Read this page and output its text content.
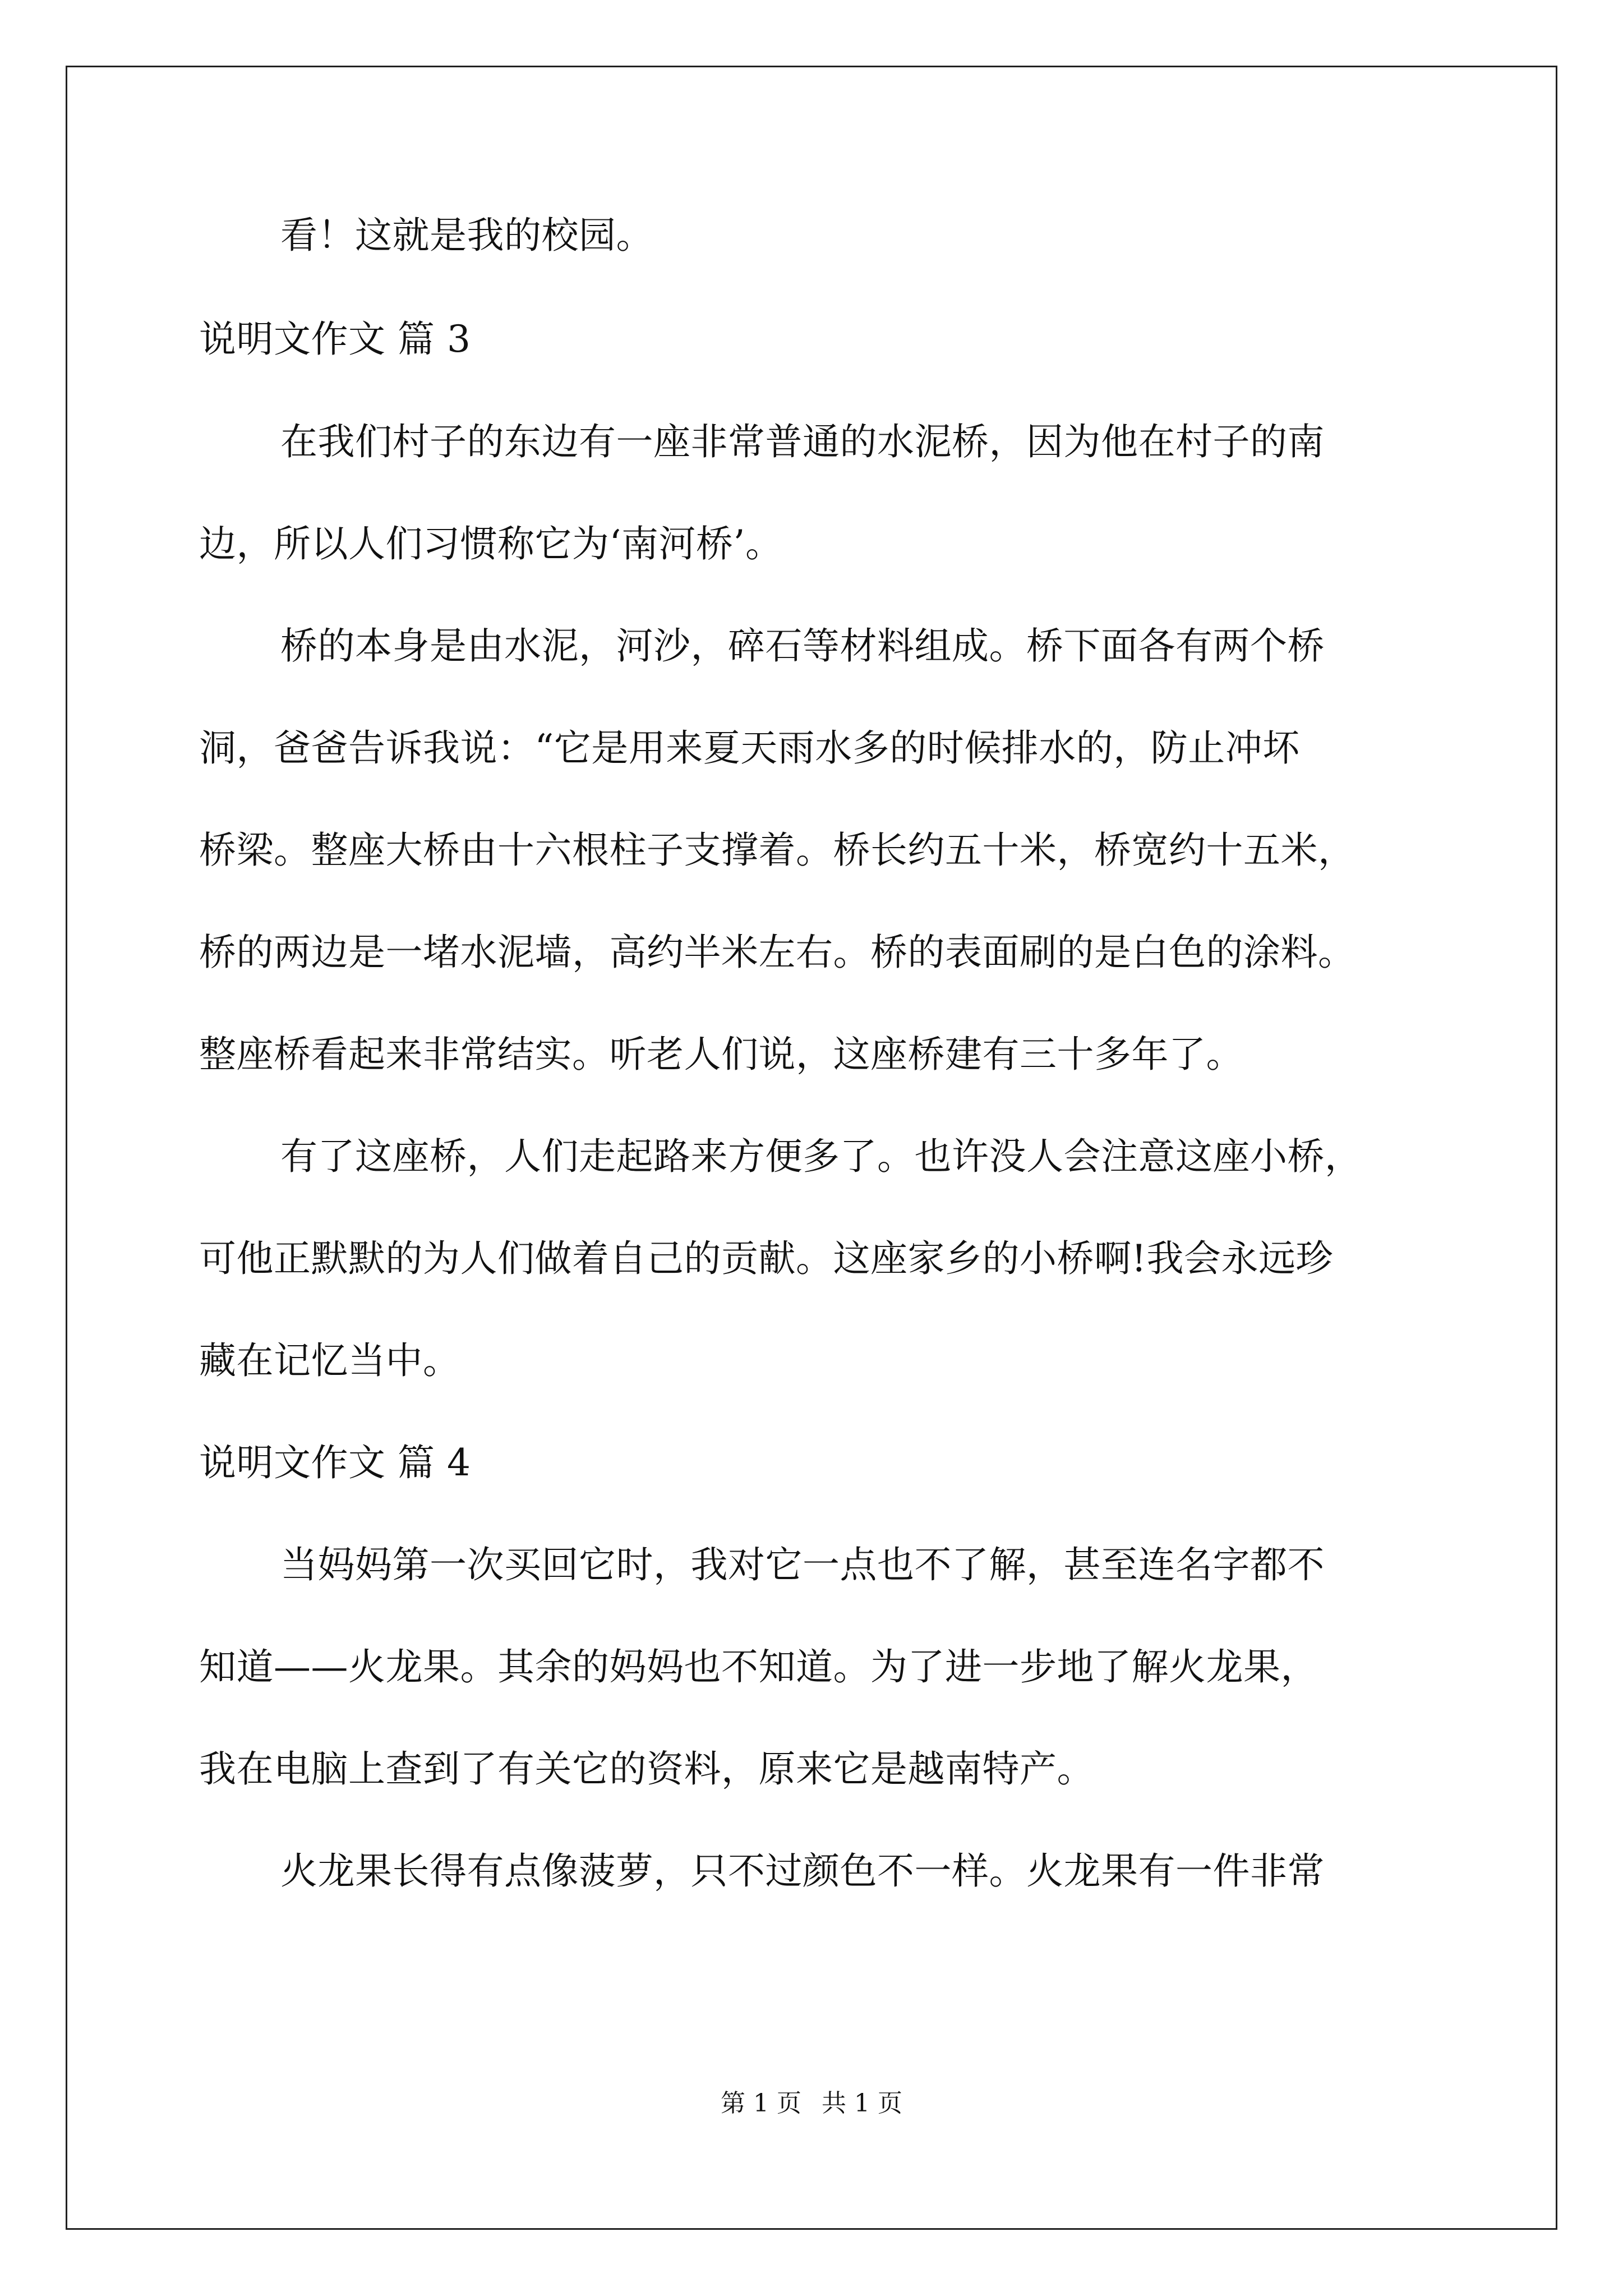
看！这就是我的校园。
说明文作文 篇 3
在我们村子的东边有一座非常普通的水泥桥，因为他在村子的南
边，所以人们习惯称它为‘南河桥’。
桥的本身是由水泥，河沙，碎石等材料组成。桥下面各有两个桥
洞，爸爸告诉我说：“它是用来夏天雨水多的时候排水的，防止冲坏
桥梁。整座大桥由十六根柱子支撑着。桥长约五十米，桥宽约十五米，
桥的两边是一堵水泥墙，高约半米左右。桥的表面刷的是白色的涂料。
整座桥看起来非常结实。听老人们说，这座桥建有三十多年了。
有了这座桥，人们走起路来方便多了。也许没人会注意这座小桥，
可他正默默的为人们做着自己的贡献。这座家乡的小桥啊!我会永远珍
藏在记忆当中。
说明文作文 篇 4
当妈妈第一次买回它时，我对它一点也不了解，甚至连名字都不
知道——火龙果。其余的妈妈也不知道。为了进一步地了解火龙果，
我在电脑上查到了有关它的资料，原来它是越南特产。
火龙果长得有点像菠萝，只不过颜色不一样。火龙果有一件非常
第 1 页 共 1 页
